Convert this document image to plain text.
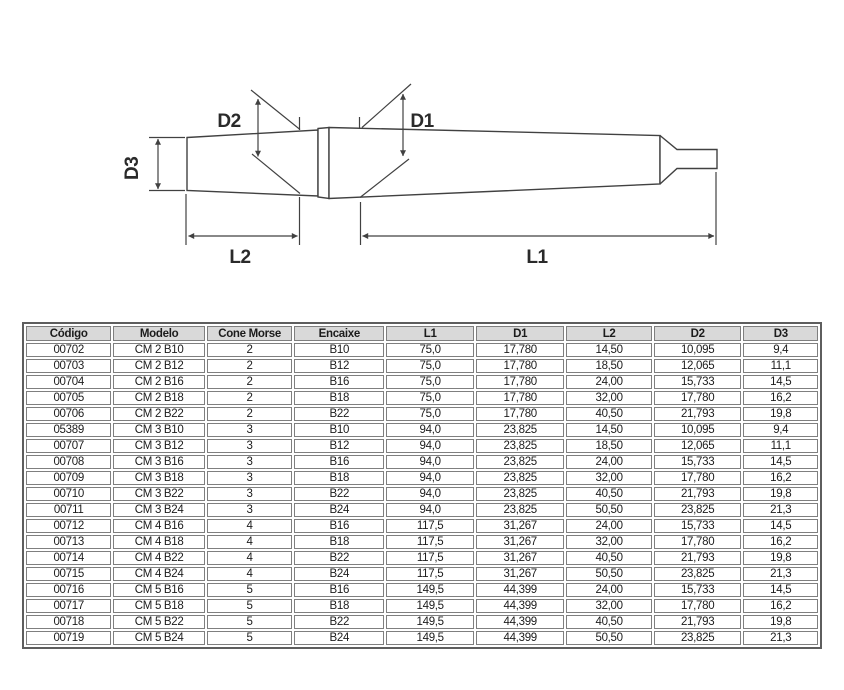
D3
D2	D1
L2	L1
Código	Modelo	Cone Morse	Encaixe	L1	D1	L2	D2	D3
00702	CM 2 B10	2	B10	75,0	17,780	14,50	10,095	9,4
00703	CM 2 B12	2	B12	75,0	17,780	18,50	12,065	11,1
00704	CM 2 B16	2	B16	75,0	17,780	24,00	15,733	14,5
00705	CM 2 B18	2	B18	75,0	17,780	32,00	17,780	16,2
00706	CM 2 B22	2	B22	75,0	17,780	40,50	21,793	19,8
05389	CM 3 B10	3	B10	94,0	23,825	14,50	10,095	9,4
00707	CM 3 B12	3	B12	94,0	23,825	18,50	12,065	11,1
00708	CM 3 B16	3	B16	94,0	23,825	24,00	15,733	14,5
00709	CM 3 B18	3	B18	94,0	23,825	32,00	17,780	16,2
00710	CM 3 B22	3	B22	94,0	23,825	40,50	21,793	19,8
00711	CM 3 B24	3	B24	94,0	23,825	50,50	23,825	21,3
00712	CM 4 B16	4	B16	117,5	31,267	24,00	15,733	14,5
00713	CM 4 B18	4	B18	117,5	31,267	32,00	17,780	16,2
00714	CM 4 B22	4	B22	117,5	31,267	40,50	21,793	19,8
00715	CM 4 B24	4	B24	117,5	31,267	50,50	23,825	21,3
00716	CM 5 B16	5	B16	149,5	44,399	24,00	15,733	14,5
00717	CM 5 B18	5	B18	149,5	44,399	32,00	17,780	16,2
00718	CM 5 B22	5	B22	149,5	44,399	40,50	21,793	19,8
00719	CM 5 B24	5	B24	149,5	44,399	50,50	23,825	21,3
